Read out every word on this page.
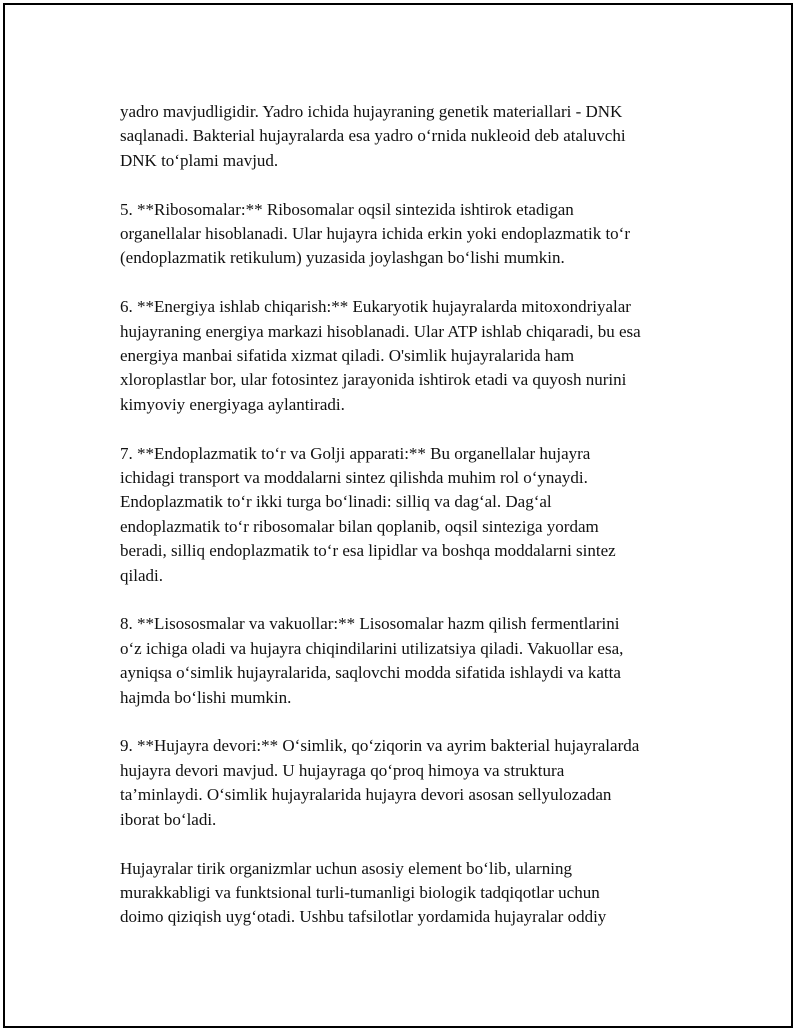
yadro mavjudligidir. Yadro ichida hujayraning genetik materiallari - DNK
saqlanadi. Bakterial hujayralarda esa yadro o‘rnida nukleoid deb ataluvchi
DNK to‘plami mavjud.

5. **Ribosomalar:** Ribosomalar oqsil sintezida ishtirok etadigan
organellalar hisoblanadi. Ular hujayra ichida erkin yoki endoplazmatik to‘r
(endoplazmatik retikulum) yuzasida joylashgan bo‘lishi mumkin.

6. **Energiya ishlab chiqarish:** Eukaryotik hujayralarda mitoxondriyalar
hujayraning energiya markazi hisoblanadi. Ular ATP ishlab chiqaradi, bu esa
energiya manbai sifatida xizmat qiladi. O'simlik hujayralarida ham
xloroplastlar bor, ular fotosintez jarayonida ishtirok etadi va quyosh nurini
kimyoviy energiyaga aylantiradi.

7. **Endoplazmatik to‘r va Golji apparati:** Bu organellalar hujayra
ichidagi transport va moddalarni sintez qilishda muhim rol o‘ynaydi.
Endoplazmatik to‘r ikki turga bo‘linadi: silliq va dag‘al. Dag‘al
endoplazmatik to‘r ribosomalar bilan qoplanib, oqsil sinteziga yordam
beradi, silliq endoplazmatik to‘r esa lipidlar va boshqa moddalarni sintez
qiladi.

8. **Lisososmalar va vakuollar:** Lisosomalar hazm qilish fermentlarini
o‘z ichiga oladi va hujayra chiqindilarini utilizatsiya qiladi. Vakuollar esa,
ayniqsa o‘simlik hujayralarida, saqlovchi modda sifatida ishlaydi va katta
hajmda bo‘lishi mumkin.

9. **Hujayra devori:** O‘simlik, qo‘ziqorin va ayrim bakterial hujayralarda
hujayra devori mavjud. U hujayraga qo‘proq himoya va struktura
ta’minlaydi. O‘simlik hujayralarida hujayra devori asosan sellyulozadan
iborat bo‘ladi.

Hujayralar tirik organizmlar uchun asosiy element bo‘lib, ularning
murakkabligi va funktsional turli-tumanligi biologik tadqiqotlar uchun
doimo qiziqish uyg‘otadi. Ushbu tafsilotlar yordamida hujayralar oddiy
